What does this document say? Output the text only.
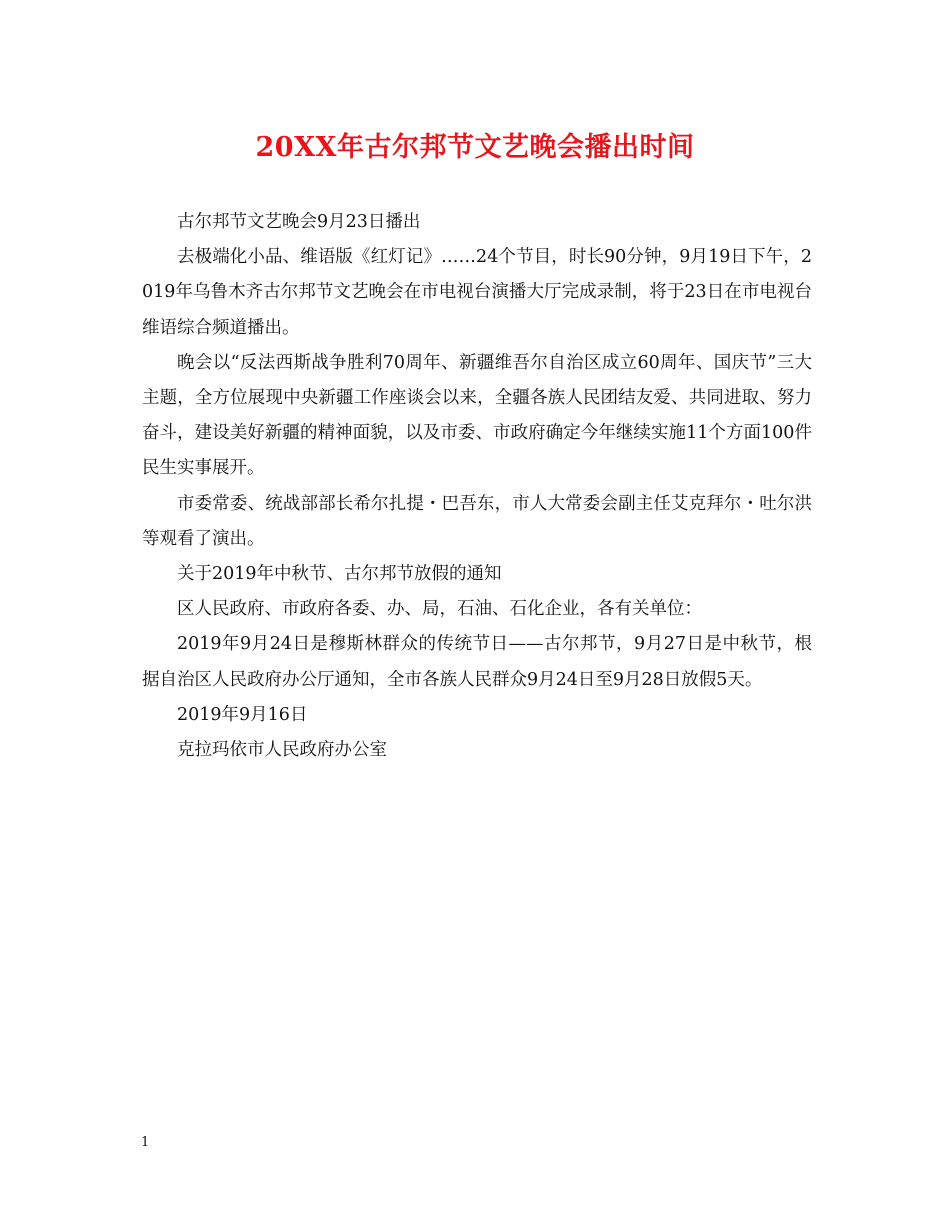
20XX年古尔邦节文艺晚会播出时间

古尔邦节文艺晚会9月23日播出

去极端化小品、维语版《红灯记》……24个节目，时长90分钟，9月19日下午，2019年乌鲁木齐古尔邦节文艺晚会在市电视台演播大厅完成录制，将于23日在市电视台维语综合频道播出。

晚会以“反法西斯战争胜利70周年、新疆维吾尔自治区成立60周年、国庆节”三大主题，全方位展现中央新疆工作座谈会以来，全疆各族人民团结友爱、共同进取、努力奋斗，建设美好新疆的精神面貌，以及市委、市政府确定今年继续实施11个方面100件民生实事展开。

市委常委、统战部部长希尔扎提・巴吾东，市人大常委会副主任艾克拜尔・吐尔洪等观看了演出。

关于2019年中秋节、古尔邦节放假的通知

区人民政府、市政府各委、办、局，石油、石化企业，各有关单位：

2019年9月24日是穆斯林群众的传统节日——古尔邦节，9月27日是中秋节，根据自治区人民政府办公厅通知，全市各族人民群众9月24日至9月28日放假5天。

2019年9月16日

克拉玛依市人民政府办公室

1
